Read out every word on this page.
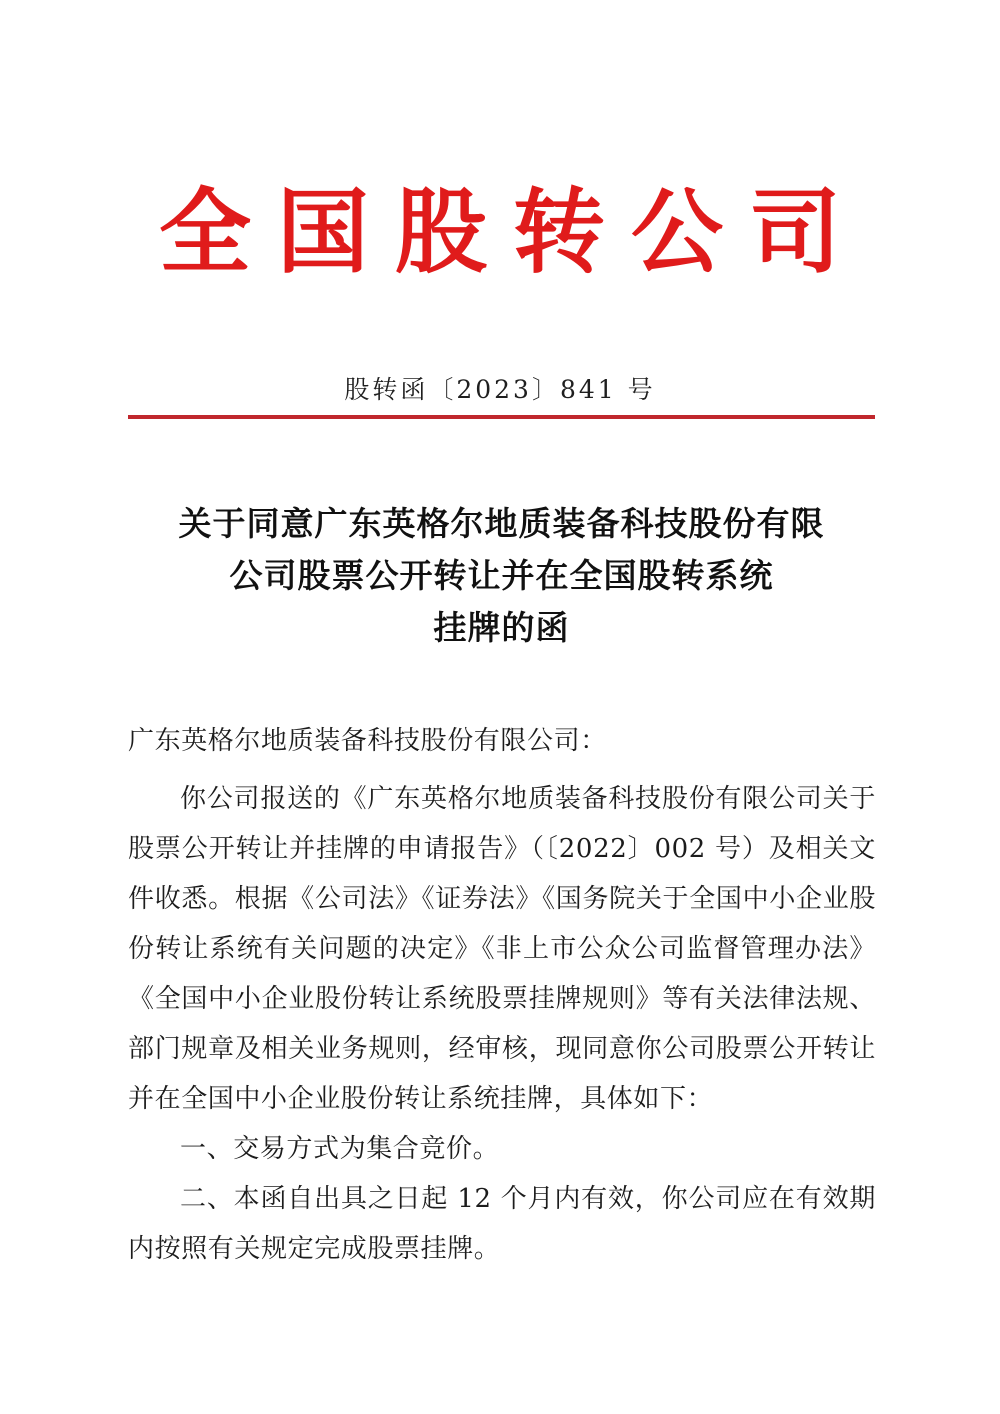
全国股转公司
股转函〔2023〕841 号
关于同意广东英格尔地质装备科技股份有限
公司股票公开转让并在全国股转系统
挂牌的函

广东英格尔地质装备科技股份有限公司：

你公司报送的《广东英格尔地质装备科技股份有限公司关于股票公开转让并挂牌的申请报告》（〔2022〕002 号）及相关文件收悉。根据《公司法》《证券法》《国务院关于全国中小企业股份转让系统有关问题的决定》《非上市公众公司监督管理办法》《全国中小企业股份转让系统股票挂牌规则》等有关法律法规、部门规章及相关业务规则，经审核，现同意你公司股票公开转让并在全国中小企业股份转让系统挂牌，具体如下：

一、交易方式为集合竞价。

二、本函自出具之日起 12 个月内有效，你公司应在有效期内按照有关规定完成股票挂牌。
